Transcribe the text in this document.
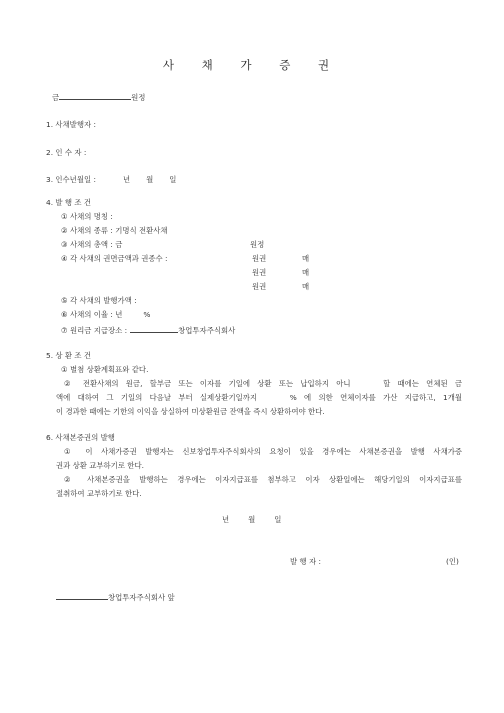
사 채 가 증 권
금	원정
1. 사채발행자 :
2. 인 수 자 :
3. 인수년월일 :	년 월 일
4. 발 행 조 건
① 사채의 명칭 :
② 사채의 종류 : 기명식 전환사채
③ 사채의 총액 : 금	원정
④ 각 사채의 권면금액과 권종수 :	원권	매
원권	매
원권	매
⑤ 각 사채의 발행가액 :
⑥ 사채의 이율 : 년	%
⑦ 원리금 지급장소 :	창업투자주식회사
5. 상 환 조 건
① 별첨 상환계획표와 같다.
② 전환사채의 원금, 할부금 또는 이자를 기일에 상환 또는 납입하지 아니	할 때에는 연체된 금
액에 대하여 그 기일의 다음날 부터 실제상환기일까지	% 에 의한 연체이자를 가산 지급하고, 1개월
이 경과한 때에는 기한의 이익을 상실하여 미상환원금 잔액을 즉시 상환하여야 한다.
6. 사채본증권의 발행
① 이 사채가증권 발행자는 신보창업투자주식회사의 요청이 있을 경우에는 사채본증권을 발행 사채가증
권과 상환 교부하기로 한다.
② 사채본증권을 발행하는 경우에는 이자지급표를 첨부하고 이자 상환일에는 해당기일의 이자지급표를
절취하여 교부하기로 한다.
년	월	일
발 행 자 :	(인)
창업투자주식회사 앞
